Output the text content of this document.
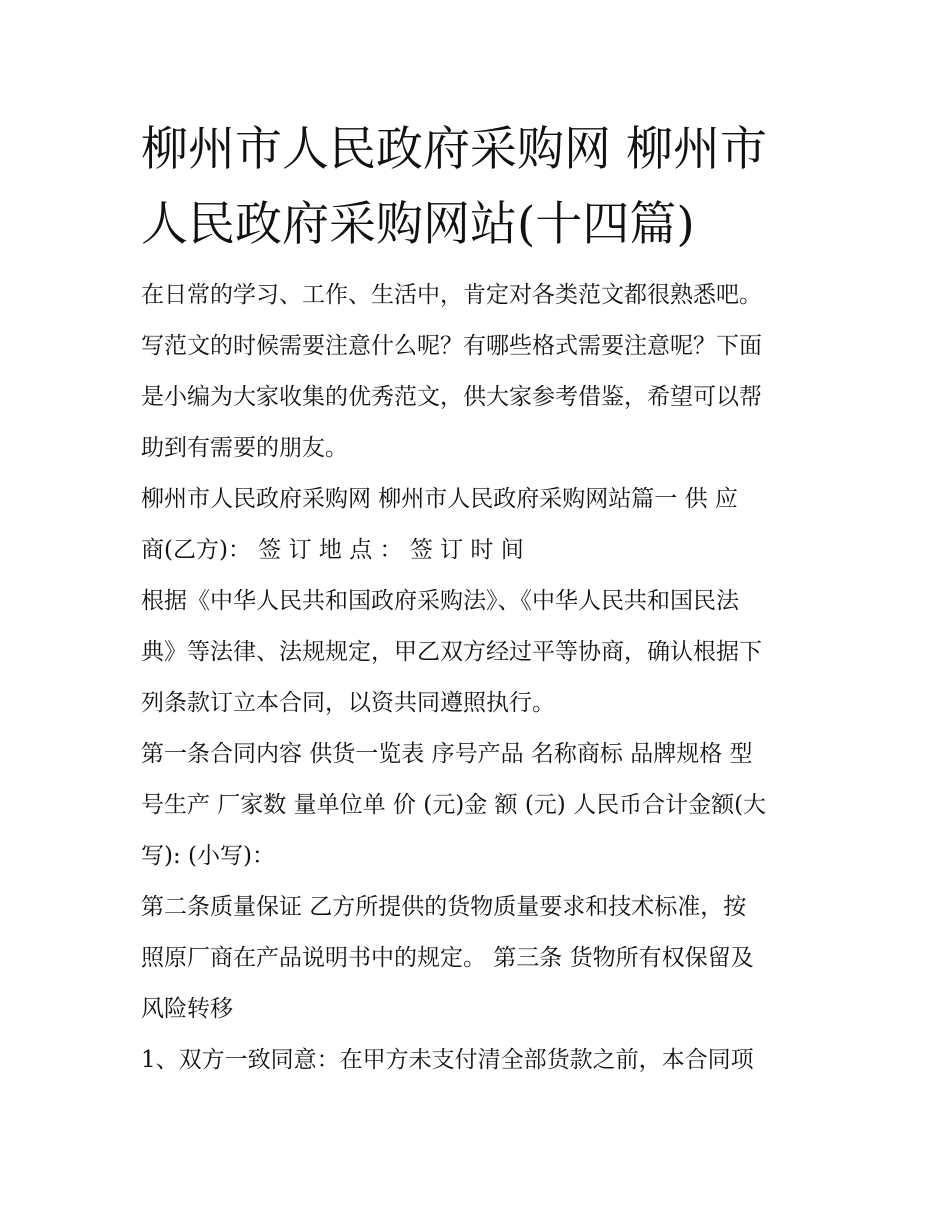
柳州市人民政府采购网 柳州市
人民政府采购网站(十四篇)

在日常的学习、工作、生活中，肯定对各类范文都很熟悉吧。
写范文的时候需要注意什么呢？有哪些格式需要注意呢？下面
是小编为大家收集的优秀范文，供大家参考借鉴，希望可以帮
助到有需要的朋友。

柳州市人民政府采购网 柳州市人民政府采购网站篇一 供 应
商(乙方)： 签 订 地 点 ： 签 订 时 间

根据《中华人民共和国政府采购法》、《中华人民共和国民法
典》等法律、法规规定，甲乙双方经过平等协商，确认根据下
列条款订立本合同，以资共同遵照执行。

第一条合同内容 供货一览表 序号产品 名称商标 品牌规格 型
号生产 厂家数 量单位单 价 (元)金 额 (元) 人民币合计金额(大
写): (小写)：

第二条质量保证 乙方所提供的货物质量要求和技术标准，按
照原厂商在产品说明书中的规定。 第三条 货物所有权保留及
风险转移

1、双方一致同意：在甲方未支付清全部货款之前，本合同项
